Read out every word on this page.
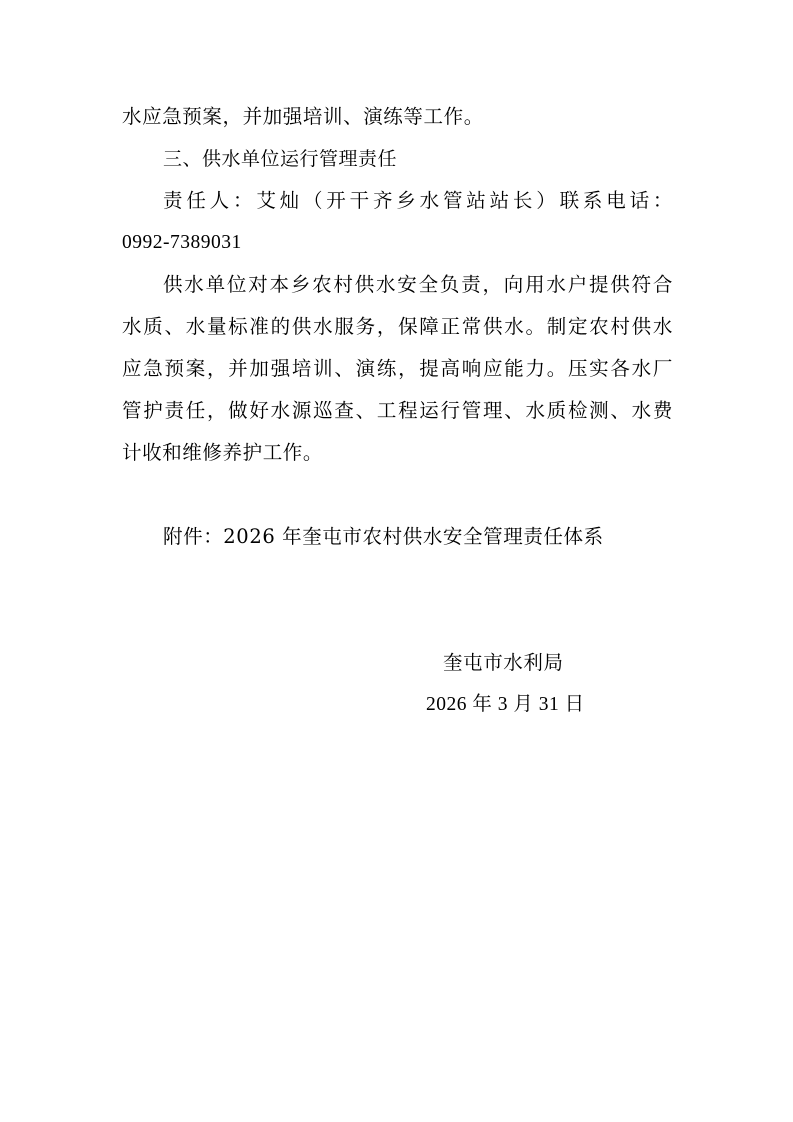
水应急预案，并加强培训、演练等工作。
三、供水单位运行管理责任
责任人：艾灿（开干齐乡水管站站长）联系电话：
0992-7389031
供水单位对本乡农村供水安全负责，向用水户提供符合
水质、水量标准的供水服务，保障正常供水。制定农村供水
应急预案，并加强培训、演练，提高响应能力。压实各水厂
管护责任，做好水源巡查、工程运行管理、水质检测、水费
计收和维修养护工作。
附件：2026 年奎屯市农村供水安全管理责任体系
奎屯市水利局
2026 年 3 月 31 日
